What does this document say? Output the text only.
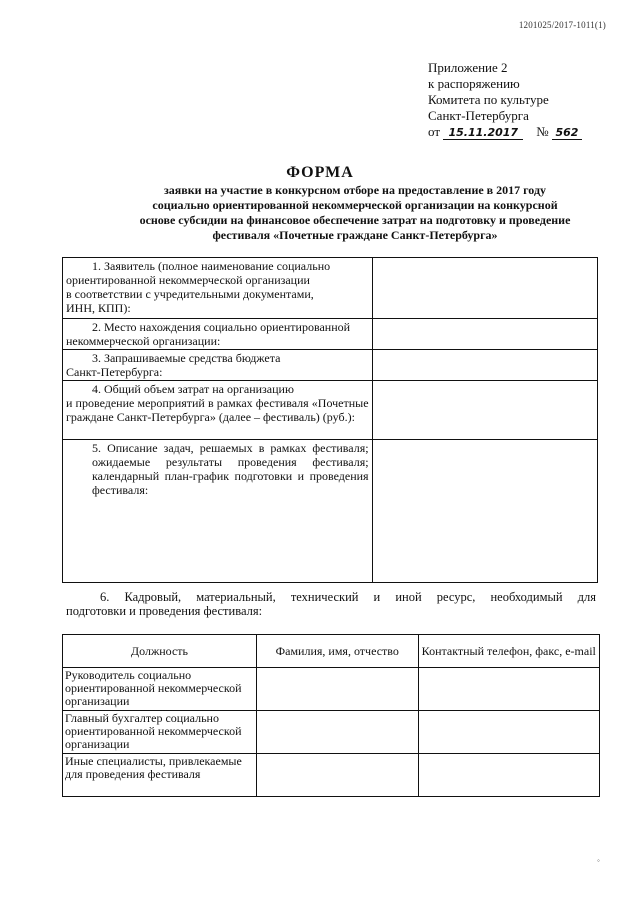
1201025/2017-1011(1)
Приложение 2
к распоряжению
Комитета по культуре
Санкт-Петербурга
от 15.11.2017 № 562
ФОРМА
заявки на участие в конкурсном отборе на предоставление в 2017 году
социально ориентированной некоммерческой организации на конкурсной
основе субсидии на финансовое обеспечение затрат на подготовку и проведение
фестиваля «Почетные граждане Санкт-Петербурга»
1. Заявитель (полное наименование социально
ориентированной некоммерческой организации
в соответствии с учредительными документами,
ИНН, КПП):	

2. Место нахождения социально ориентированной
некоммерческой организации:	

3. Запрашиваемые средства бюджета
Санкт-Петербурга:	

4. Общий объем затрат на организацию
и проведение мероприятий в рамках фестиваля «Почетные граждане Санкт-Петербурга» (далее – фестиваль) (руб.):	

5. Описание задач, решаемых в рамках фестиваля; ожидаемые результаты проведения фестиваля; календарный план-график подготовки и проведения фестиваля:	

6. Кадровый, материальный, технический и иной ресурс, необходимый для
подготовки и проведения фестиваля:
Должность	Фамилия, имя, отчество	Контактный телефон, факс, e-mail
Руководитель социально ориентированной некоммерческой организации		
Главный бухгалтер социально ориентированной некоммерческой организации		
Иные специалисты, привлекаемые для проведения фестиваля		
◦
